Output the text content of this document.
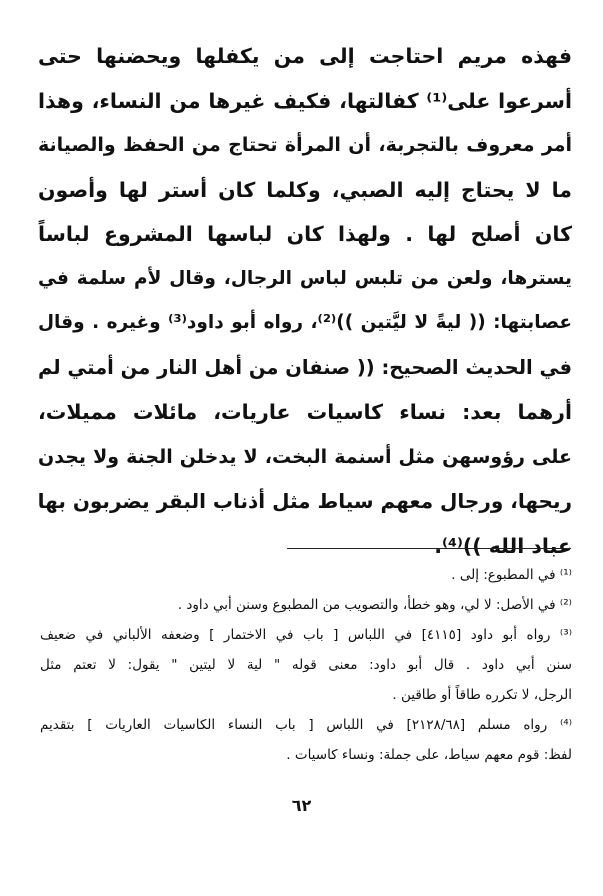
فهذه مريم احتاجت إلى من يكفلها ويحضنها حتى
أسرعوا على⁽¹⁾ كفالتها، فكيف غيرها من النساء، وهذا
أمر معروف بالتجربة، أن المرأة تحتاج من الحفظ والصيانة
ما لا يحتاج إليه الصبي، وكلما كان أستر لها وأصون
كان أصلح لها . ولهذا كان لباسها المشروع لباساً
يسترها، ولعن من تلبس لباس الرجال، وقال لأم سلمة في
عصابتها: (( ليةً لا ليَّتين ))⁽²⁾، رواه أبو داود⁽³⁾ وغيره . وقال
في الحديث الصحيح: (( صنفان من أهل النار من أمتي لم
أرهما بعد: نساء كاسيات عاريات، مائلات مميلات،
على رؤوسهن مثل أسنمة البخت، لا يدخلن الجنة ولا يجدن
ريحها، ورجال معهم سياط مثل أذناب البقر يضربون بها
عباد الله ))⁽⁴⁾.
⁽¹⁾ في المطبوع: إلى .
⁽²⁾ في الأصل: لا لي، وهو خطأ، والتصويب من المطبوع وسنن أبي داود .
⁽³⁾ رواه أبو داود [٤١١٥] في اللباس [ باب في الاختمار ] وضعفه الألباني في ضعيف
سنن أبي داود . قال أبو داود: معنى قوله " لية لا ليتين " يقول: لا تعتم مثل
الرجل، لا تكرره طاقاً أو طاقين .
⁽⁴⁾ رواه مسلم [٢١٢٨/٦٨] في اللباس [ باب النساء الكاسيات العاريات ] بتقديم
لفظ: قوم معهم سياط، على جملة: ونساء كاسيات .
٦٢
